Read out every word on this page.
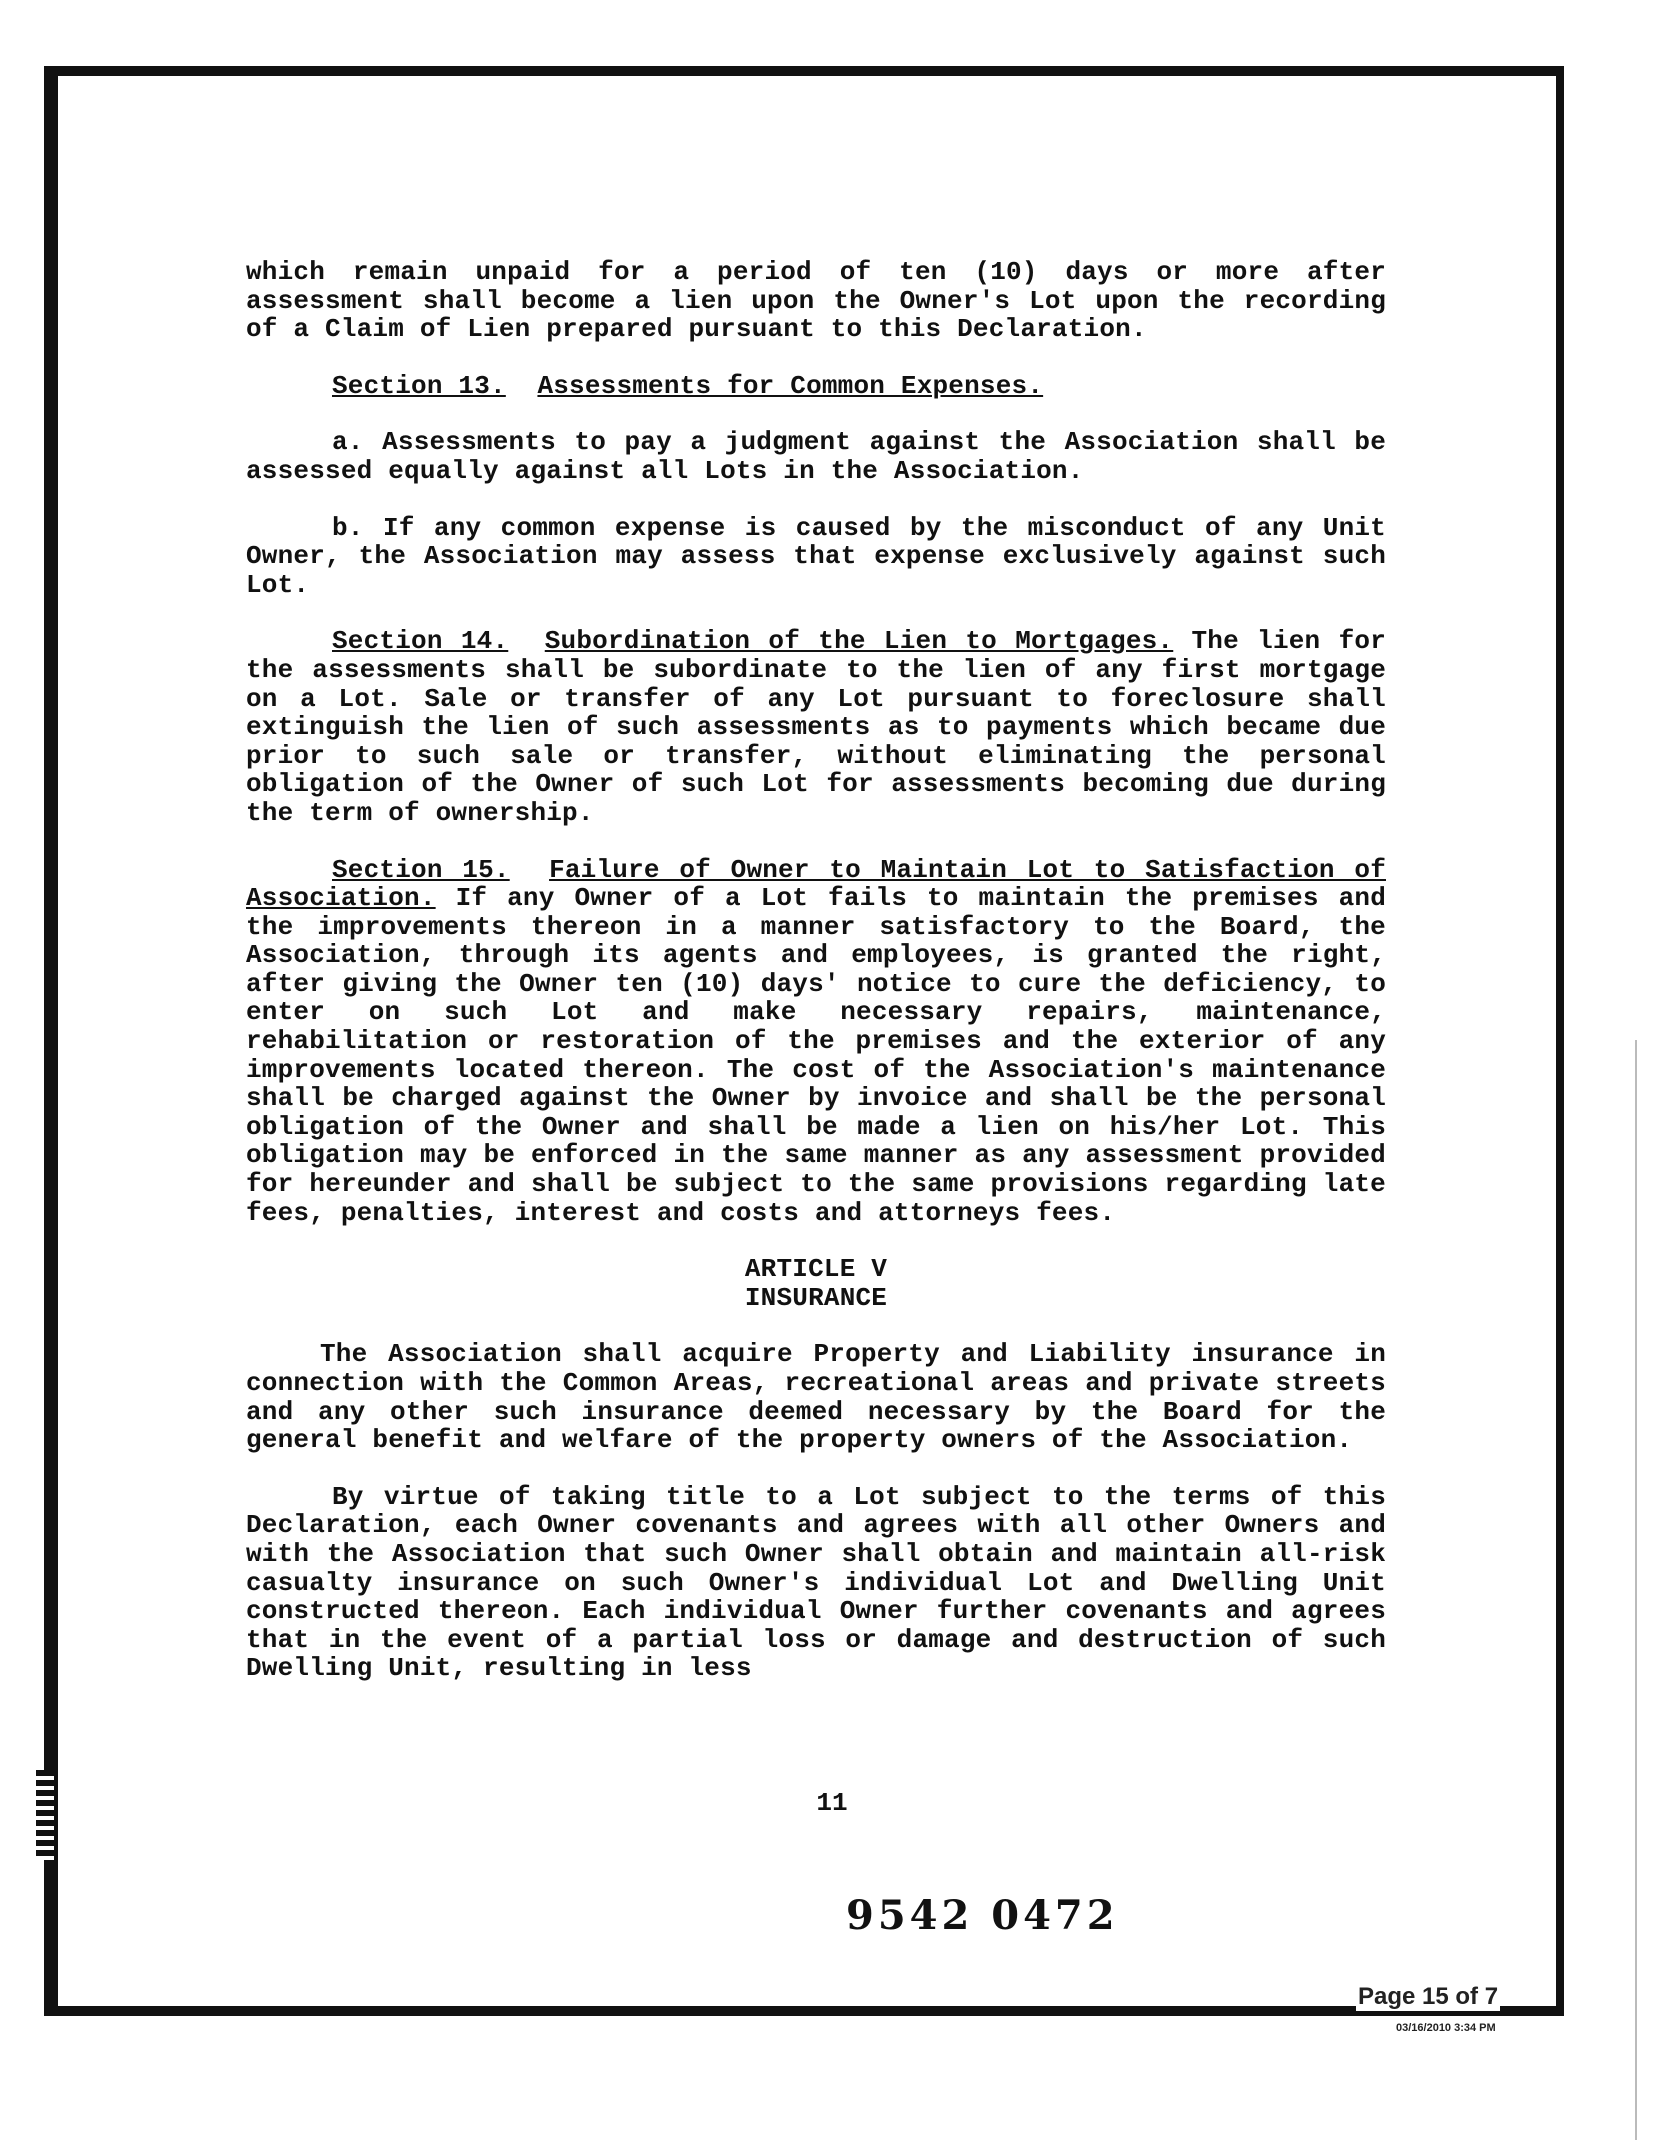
which remain unpaid for a period of ten (10) days or more after assessment shall become a lien upon the Owner's Lot upon the recording of a Claim of Lien prepared pursuant to this Declaration.

Section 13. Assessments for Common Expenses.

a. Assessments to pay a judgment against the Association shall be assessed equally against all Lots in the Association.

b. If any common expense is caused by the misconduct of any Unit Owner, the Association may assess that expense exclusively against such Lot.

Section 14. Subordination of the Lien to Mortgages. The lien for the assessments shall be subordinate to the lien of any first mortgage on a Lot. Sale or transfer of any Lot pursuant to foreclosure shall extinguish the lien of such assessments as to payments which became due prior to such sale or transfer, without eliminating the personal obligation of the Owner of such Lot for assessments becoming due during the term of ownership.

Section 15. Failure of Owner to Maintain Lot to Satisfaction of Association. If any Owner of a Lot fails to maintain the premises and the improvements thereon in a manner satisfactory to the Board, the Association, through its agents and employees, is granted the right, after giving the Owner ten (10) days' notice to cure the deficiency, to enter on such Lot and make necessary repairs, maintenance, rehabilitation or restoration of the premises and the exterior of any improvements located thereon. The cost of the Association's maintenance shall be charged against the Owner by invoice and shall be the personal obligation of the Owner and shall be made a lien on his/her Lot. This obligation may be enforced in the same manner as any assessment provided for hereunder and shall be subject to the same provisions regarding late fees, penalties, interest and costs and attorneys fees.

ARTICLE V

INSURANCE

The Association shall acquire Property and Liability insurance in connection with the Common Areas, recreational areas and private streets and any other such insurance deemed necessary by the Board for the general benefit and welfare of the property owners of the Association.

By virtue of taking title to a Lot subject to the terms of this Declaration, each Owner covenants and agrees with all other Owners and with the Association that such Owner shall obtain and maintain all-risk casualty insurance on such Owner's individual Lot and Dwelling Unit constructed thereon. Each individual Owner further covenants and agrees that in the event of a partial loss or damage and destruction of such Dwelling Unit, resulting in less

11
9542 0472
Page 15 of 7
03/16/2010 3:34 PM
